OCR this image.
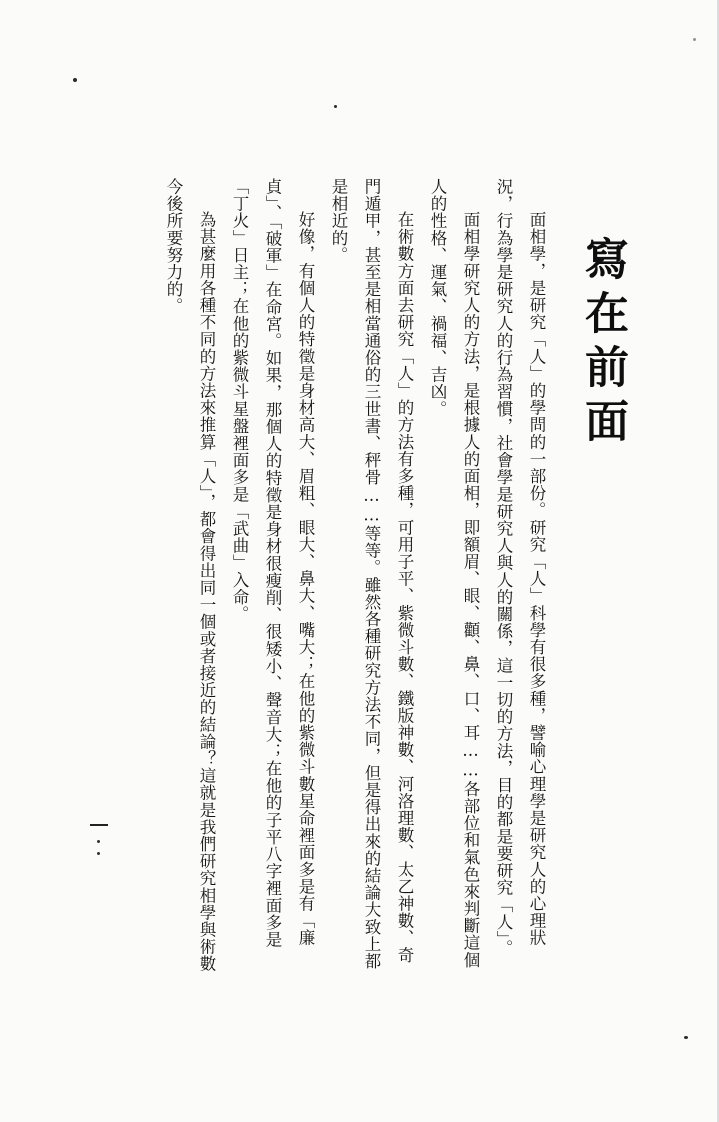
寫在前面

面相學，是研究「人」的學問的一部份。研究「人」科學有很多種，譬喻心理學是研究人的心理狀況，行為學是研究人的行為習慣，社會學是研究人與人的關係，這一切的方法，目的都是要研究「人」。

面相學研究人的方法，是根據人的面相，即額眉、眼、顴、鼻、口、耳……各部位和氣色來判斷這個人的性格、運氣、禍福、吉凶。

在術數方面去研究「人」的方法有多種，可用子平、紫微斗數、鐵版神數、河洛理數、太乙神數、奇門遁甲，甚至是相當通俗的三世書、秤骨……等等。雖然各種研究方法不同，但是得出來的結論大致上都是相近的。

好像，有個人的特徵是身材高大、眉粗、眼大、鼻大、嘴大；在他的紫微斗數星命裡面多是有「廉貞」、「破軍」在命宮。如果，那個人的特徵是身材很瘦削、很矮小、聲音大；在他的子平八字裡面多是「丁火」日主；在他的紫微斗星盤裡面多是「武曲」入命。

為甚麼用各種不同的方法來推算「人」，都會得出同一個或者接近的結論？這就是我們研究相學與術數今後所要努力的。
